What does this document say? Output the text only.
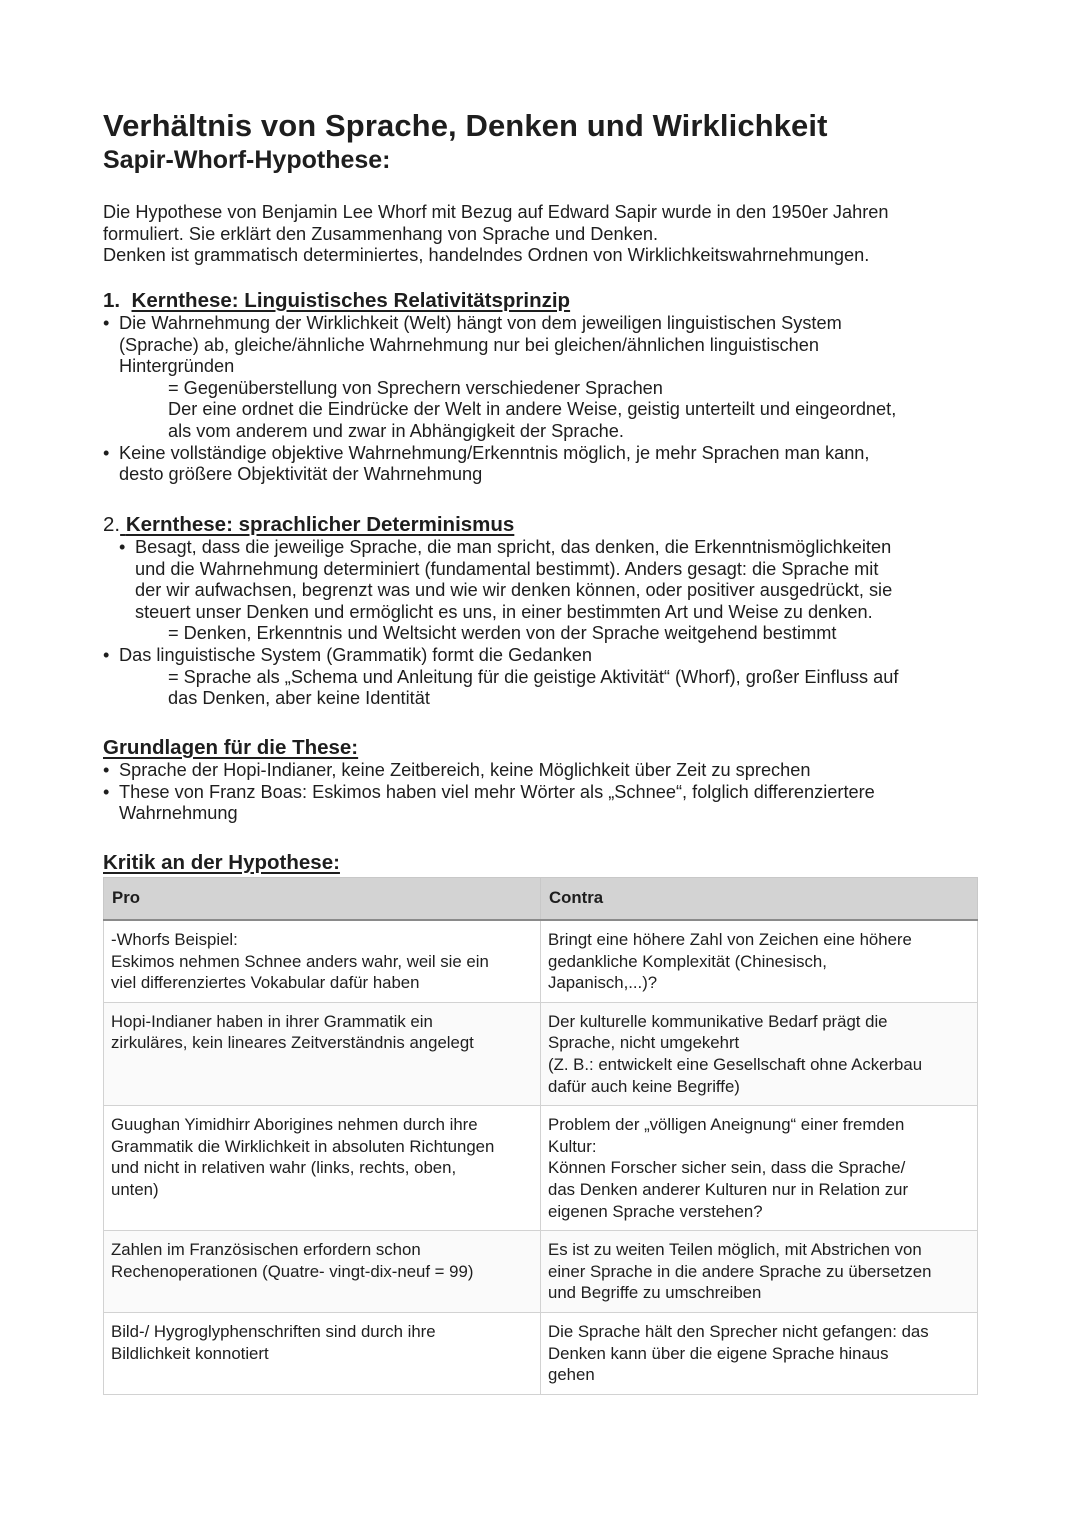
Verhältnis von Sprache, Denken und Wirklichkeit
Sapir-Whorf-Hypothese:

Die Hypothese von Benjamin Lee Whorf mit Bezug auf Edward Sapir wurde in den 1950er Jahren
formuliert. Sie erklärt den Zusammenhang von Sprache und Denken.
Denken ist grammatisch determiniertes, handelndes Ordnen von Wirklichkeitswahrnehmungen.

1. Kernthese: Linguistisches Relativitätsprinzip
• Die Wahrnehmung der Wirklichkeit (Welt) hängt von dem jeweiligen linguistischen System
(Sprache) ab, gleiche/ähnliche Wahrnehmung nur bei gleichen/ähnlichen linguistischen
Hintergründen
= Gegenüberstellung von Sprechern verschiedener Sprachen
Der eine ordnet die Eindrücke der Welt in andere Weise, geistig unterteilt und eingeordnet,
als vom anderem und zwar in Abhängigkeit der Sprache.
• Keine vollständige objektive Wahrnehmung/Erkenntnis möglich, je mehr Sprachen man kann,
desto größere Objektivität der Wahrnehmung
2. Kernthese: sprachlicher Determinismus
• Besagt, dass die jeweilige Sprache, die man spricht, das denken, die Erkenntnismöglichkeiten
und die Wahrnehmung determiniert (fundamental bestimmt). Anders gesagt: die Sprache mit
der wir aufwachsen, begrenzt was und wie wir denken können, oder positiver ausgedrückt, sie
steuert unser Denken und ermöglicht es uns, in einer bestimmten Art und Weise zu denken.
= Denken, Erkenntnis und Weltsicht werden von der Sprache weitgehend bestimmt
• Das linguistische System (Grammatik) formt die Gedanken
= Sprache als „Schema und Anleitung für die geistige Aktivität“ (Whorf), großer Einfluss auf
das Denken, aber keine Identität
Grundlagen für die These:
• Sprache der Hopi-Indianer, keine Zeitbereich, keine Möglichkeit über Zeit zu sprechen
• These von Franz Boas: Eskimos haben viel mehr Wörter als „Schnee“, folglich differenziertere
Wahrnehmung
Kritik an der Hypothese:
Pro	Contra

-Whorfs Beispiel:
Eskimos nehmen Schnee anders wahr, weil sie ein
viel differenziertes Vokabular dafür haben	Bringt eine höhere Zahl von Zeichen eine höhere
gedankliche Komplexität (Chinesisch,
Japanisch,...)?

Hopi-Indianer haben in ihrer Grammatik ein
zirkuläres, kein lineares Zeitverständnis angelegt	Der kulturelle kommunikative Bedarf prägt die
Sprache, nicht umgekehrt
(Z. B.: entwickelt eine Gesellschaft ohne Ackerbau
dafür auch keine Begriffe)

Guughan Yimidhirr Aborigines nehmen durch ihre
Grammatik die Wirklichkeit in absoluten Richtungen
und nicht in relativen wahr (links, rechts, oben,
unten)	Problem der „völligen Aneignung“ einer fremden
Kultur:
Können Forscher sicher sein, dass die Sprache/
das Denken anderer Kulturen nur in Relation zur
eigenen Sprache verstehen?

Zahlen im Französischen erfordern schon
Rechenoperationen (Quatre- vingt-dix-neuf = 99)	Es ist zu weiten Teilen möglich, mit Abstrichen von
einer Sprache in die andere Sprache zu übersetzen
und Begriffe zu umschreiben

Bild-/ Hygroglyphenschriften sind durch ihre
Bildlichkeit konnotiert	Die Sprache hält den Sprecher nicht gefangen: das
Denken kann über die eigene Sprache hinaus
gehen
